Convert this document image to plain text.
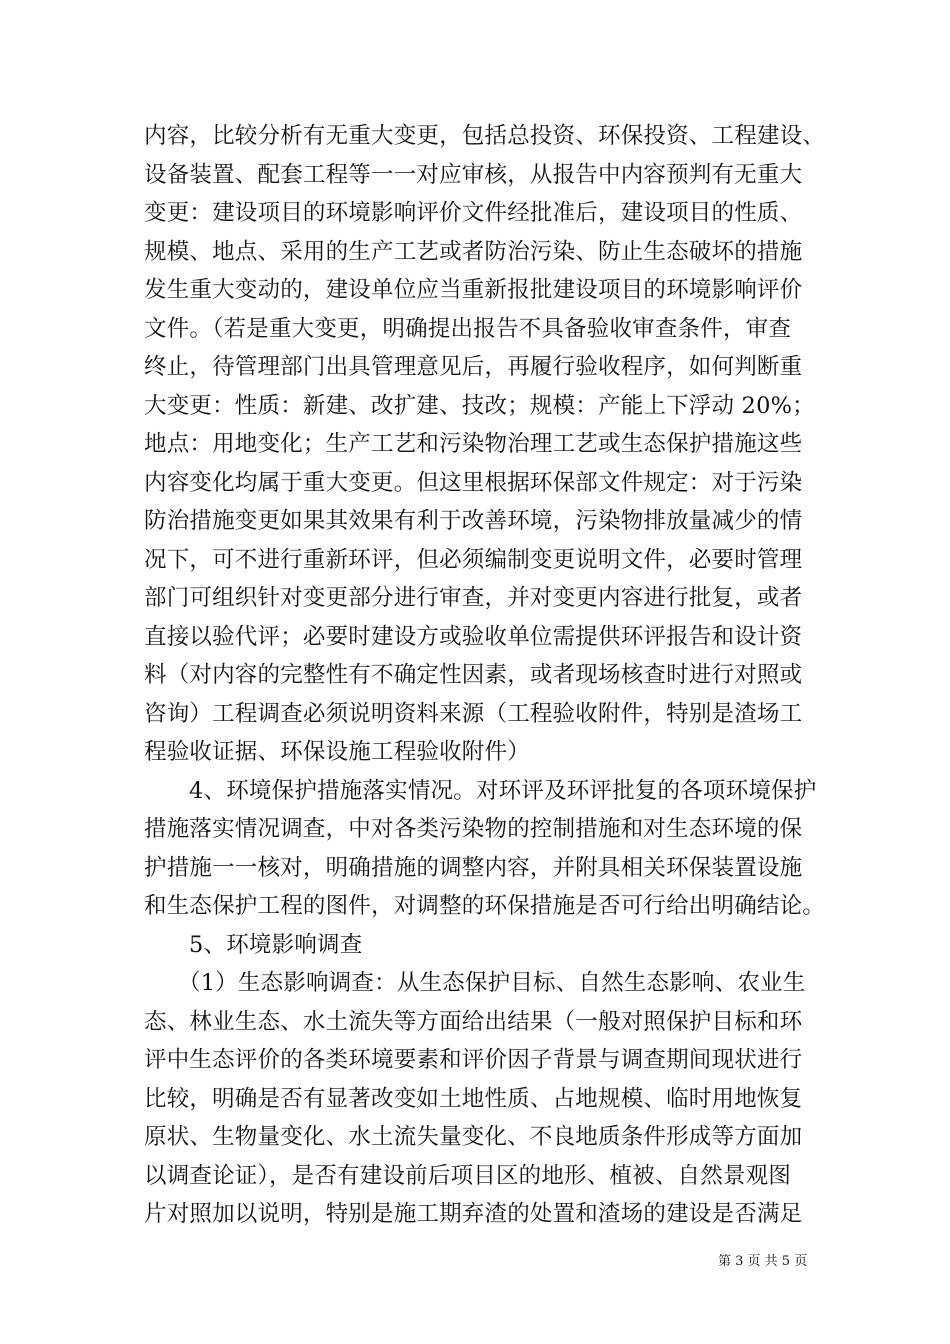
内容，比较分析有无重大变更，包括总投资、环保投资、工程建设、
设备装置、配套工程等一一对应审核，从报告中内容预判有无重大
变更：建设项目的环境影响评价文件经批准后，建设项目的性质、
规模、地点、采用的生产工艺或者防治污染、防止生态破坏的措施
发生重大变动的，建设单位应当重新报批建设项目的环境影响评价
文件。（若是重大变更，明确提出报告不具备验收审查条件，审查
终止，待管理部门出具管理意见后，再履行验收程序，如何判断重
大变更：性质：新建、改扩建、技改；规模：产能上下浮动 20%；
地点：用地变化；生产工艺和污染物治理工艺或生态保护措施这些
内容变化均属于重大变更。但这里根据环保部文件规定：对于污染
防治措施变更如果其效果有利于改善环境，污染物排放量减少的情
况下，可不进行重新环评，但必须编制变更说明文件，必要时管理
部门可组织针对变更部分进行审查，并对变更内容进行批复，或者
直接以验代评；必要时建设方或验收单位需提供环评报告和设计资
料（对内容的完整性有不确定性因素，或者现场核查时进行对照或
咨询）工程调查必须说明资料来源（工程验收附件，特别是渣场工
程验收证据、环保设施工程验收附件）
4、环境保护措施落实情况。对环评及环评批复的各项环境保护
措施落实情况调查，中对各类污染物的控制措施和对生态环境的保
护措施一一核对，明确措施的调整内容，并附具相关环保装置设施
和生态保护工程的图件，对调整的环保措施是否可行给出明确结论。
5、环境影响调查
（1）生态影响调查：从生态保护目标、自然生态影响、农业生
态、林业生态、水土流失等方面给出结果（一般对照保护目标和环
评中生态评价的各类环境要素和评价因子背景与调查期间现状进行
比较，明确是否有显著改变如土地性质、占地规模、临时用地恢复
原状、生物量变化、水土流失量变化、不良地质条件形成等方面加
以调查论证），是否有建设前后项目区的地形、植被、自然景观图
片对照加以说明，特别是施工期弃渣的处置和渣场的建设是否满足
第 3 页 共 5 页
